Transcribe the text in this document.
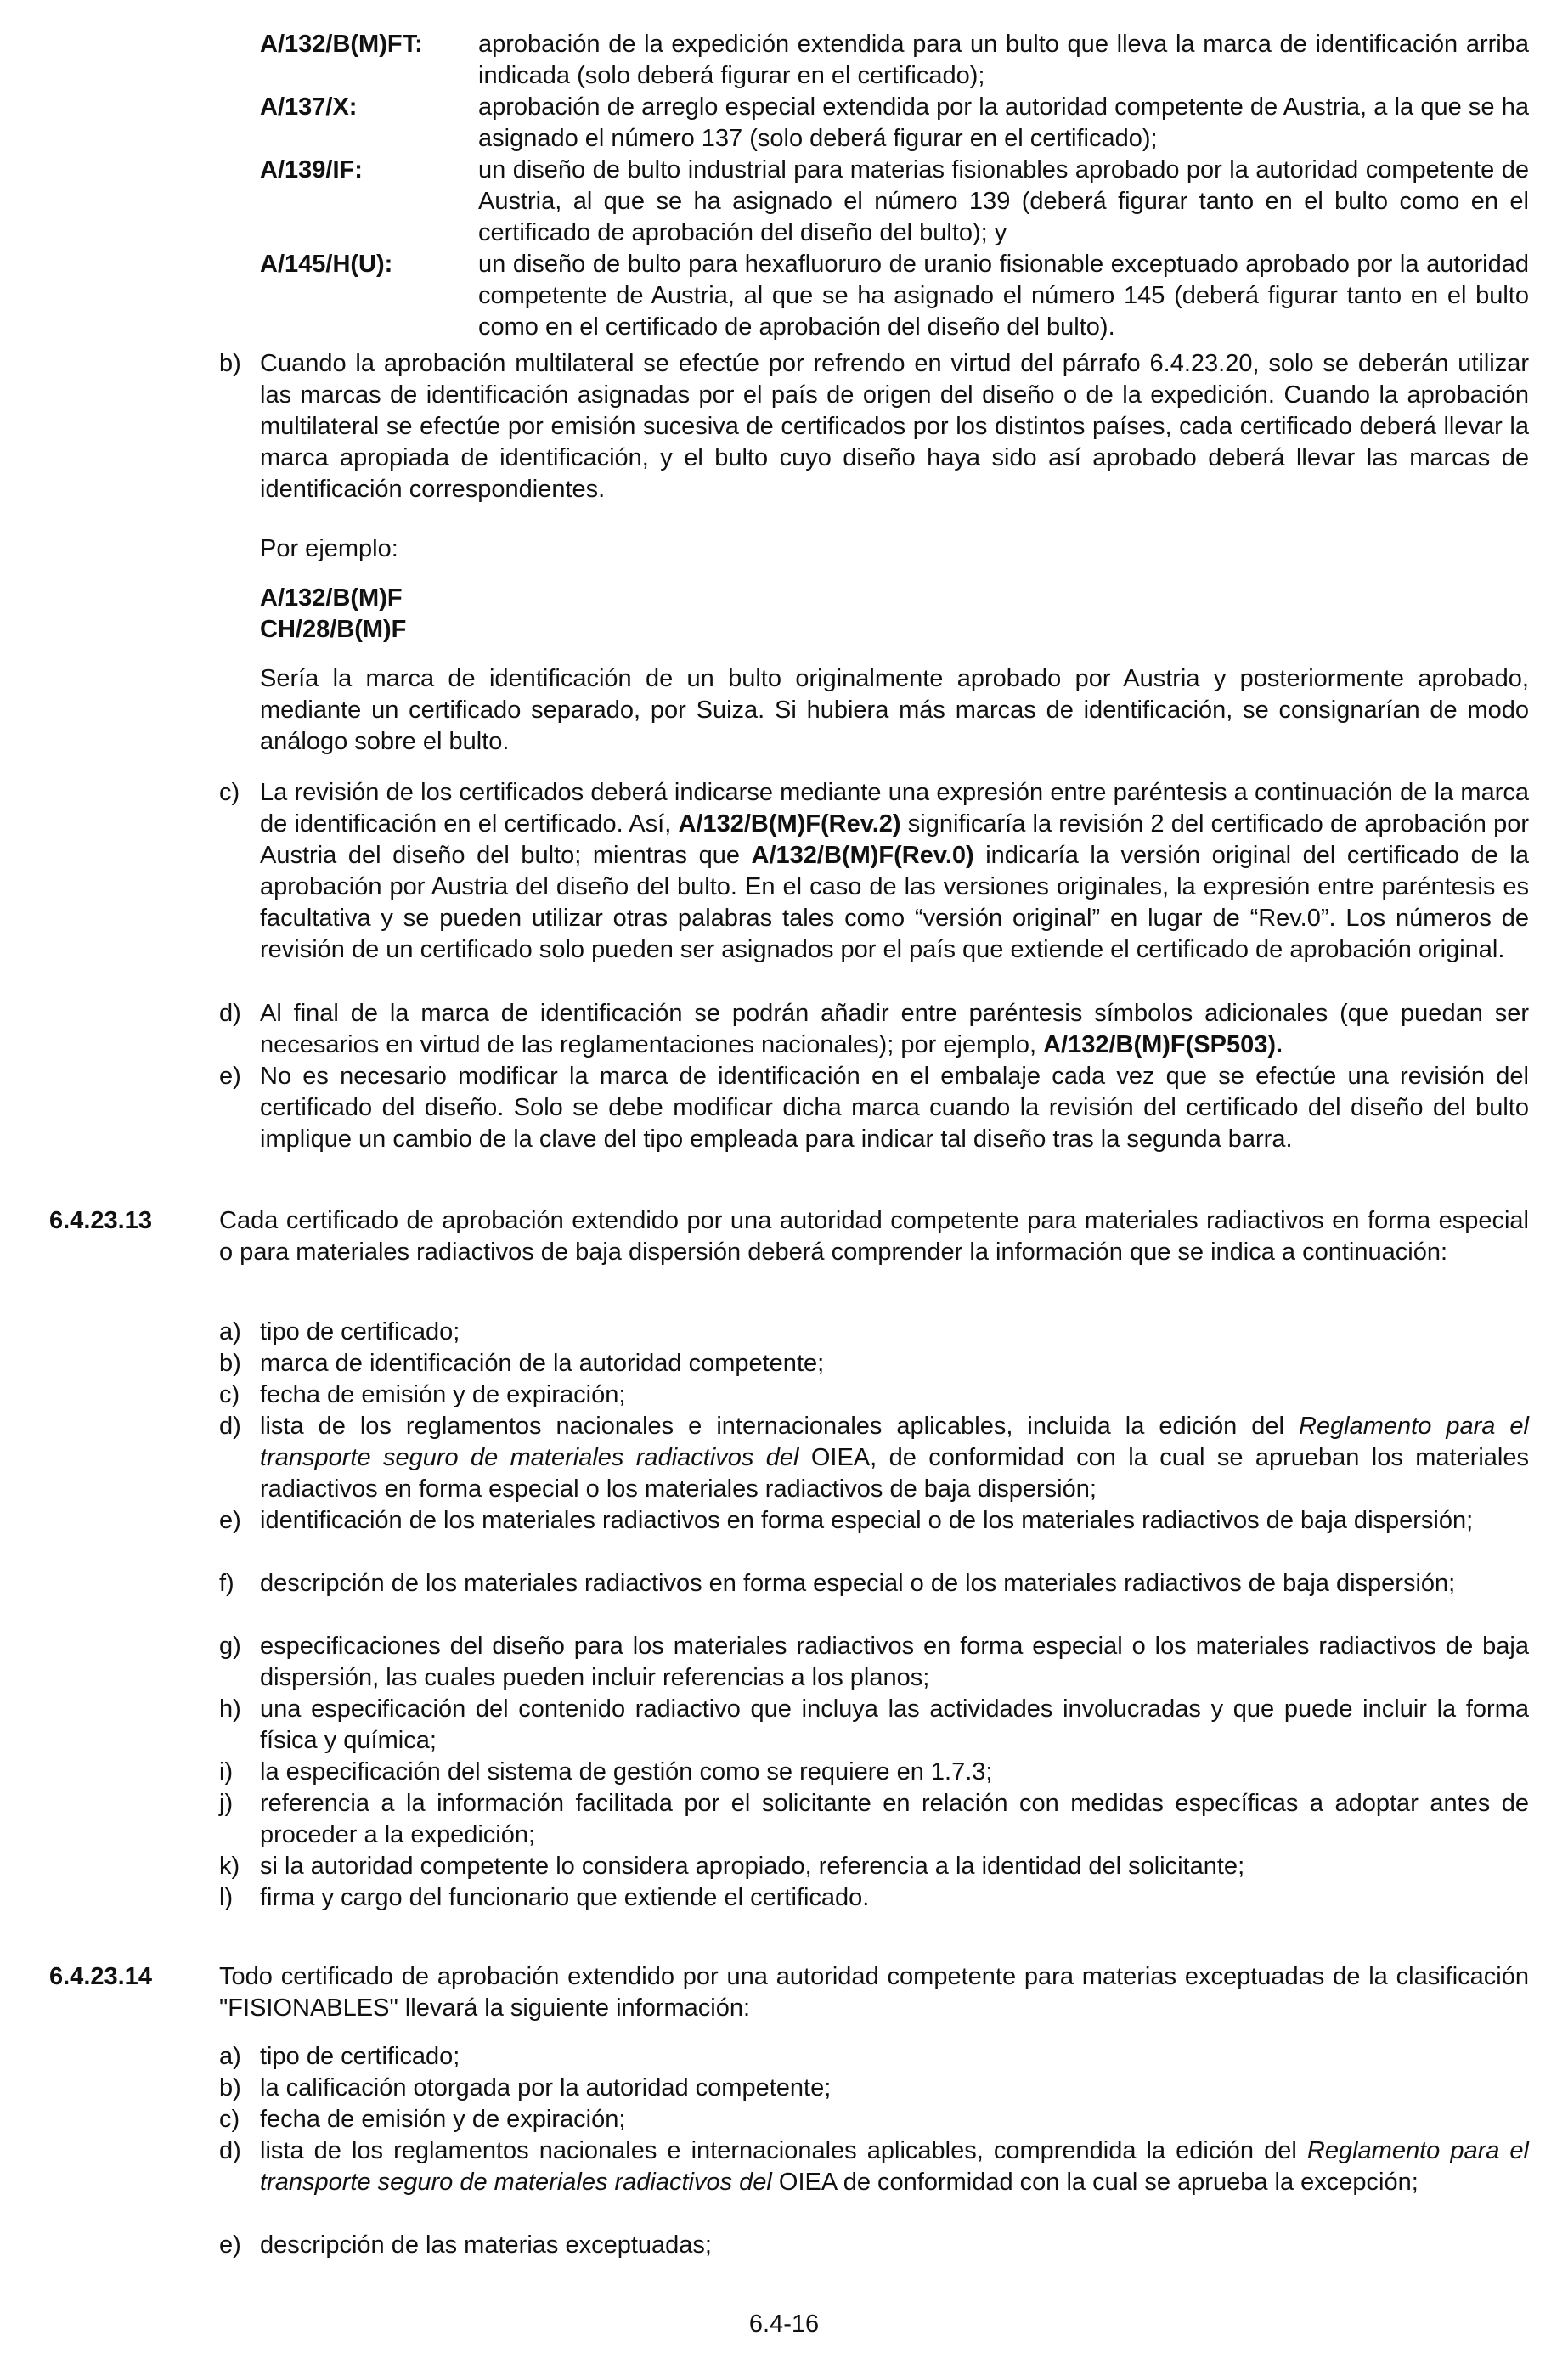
A/132/B(M)FT:	aprobación de la expedición extendida para un bulto que lleva la marca de identificación arriba indicada (solo deberá figurar en el certificado);
A/137/X:	aprobación de arreglo especial extendida por la autoridad competente de Austria, a la que se ha asignado el número 137 (solo deberá figurar en el certificado);
A/139/IF:	un diseño de bulto industrial para materias fisionables aprobado por la autoridad competente de Austria, al que se ha asignado el número 139 (deberá figurar tanto en el bulto como en el certificado de aprobación del diseño del bulto); y
A/145/H(U):	un diseño de bulto para hexafluoruro de uranio fisionable exceptuado aprobado por la autoridad competente de Austria, al que se ha asignado el número 145 (deberá figurar tanto en el bulto como en el certificado de aprobación del diseño del bulto).
b) Cuando la aprobación multilateral se efectúe por refrendo en virtud del párrafo 6.4.23.20, solo se deberán utilizar las marcas de identificación asignadas por el país de origen del diseño o de la expedición. Cuando la aprobación multilateral se efectúe por emisión sucesiva de certificados por los distintos países, cada certificado deberá llevar la marca apropiada de identificación, y el bulto cuyo diseño haya sido así aprobado deberá llevar las marcas de identificación correspondientes.
Por ejemplo:
A/132/B(M)F
CH/28/B(M)F
Sería la marca de identificación de un bulto originalmente aprobado por Austria y posteriormente aprobado, mediante un certificado separado, por Suiza. Si hubiera más marcas de identificación, se consignarían de modo análogo sobre el bulto.
c) La revisión de los certificados deberá indicarse mediante una expresión entre paréntesis a continuación de la marca de identificación en el certificado. Así, A/132/B(M)F(Rev.2) significaría la revisión 2 del certificado de aprobación por Austria del diseño del bulto; mientras que A/132/B(M)F(Rev.0) indicaría la versión original del certificado de la aprobación por Austria del diseño del bulto. En el caso de las versiones originales, la expresión entre paréntesis es facultativa y se pueden utilizar otras palabras tales como “versión original” en lugar de “Rev.0”. Los números de revisión de un certificado solo pueden ser asignados por el país que extiende el certificado de aprobación original.
d) Al final de la marca de identificación se podrán añadir entre paréntesis símbolos adicionales (que puedan ser necesarios en virtud de las reglamentaciones nacionales); por ejemplo, A/132/B(M)F(SP503).
e) No es necesario modificar la marca de identificación en el embalaje cada vez que se efectúe una revisión del certificado del diseño. Solo se debe modificar dicha marca cuando la revisión del certificado del diseño del bulto implique un cambio de la clave del tipo empleada para indicar tal diseño tras la segunda barra.
6.4.23.13	Cada certificado de aprobación extendido por una autoridad competente para materiales radiactivos en forma especial o para materiales radiactivos de baja dispersión deberá comprender la información que se indica a continuación:
a) tipo de certificado;
b) marca de identificación de la autoridad competente;
c) fecha de emisión y de expiración;
d) lista de los reglamentos nacionales e internacionales aplicables, incluida la edición del Reglamento para el transporte seguro de materiales radiactivos del OIEA, de conformidad con la cual se aprueban los materiales radiactivos en forma especial o los materiales radiactivos de baja dispersión;
e) identificación de los materiales radiactivos en forma especial o de los materiales radiactivos de baja dispersión;
f)	descripción de los materiales radiactivos en forma especial o de los materiales radiactivos de baja dispersión;
g) especificaciones del diseño para los materiales radiactivos en forma especial o los materiales radiactivos de baja dispersión, las cuales pueden incluir referencias a los planos;
h) una especificación del contenido radiactivo que incluya las actividades involucradas y que puede incluir la forma física y química;
i)	la especificación del sistema de gestión como se requiere en 1.7.3;
j)	referencia a la información facilitada por el solicitante en relación con medidas específicas a adoptar antes de proceder a la expedición;
k) si la autoridad competente lo considera apropiado, referencia a la identidad del solicitante;
l)	firma y cargo del funcionario que extiende el certificado.
6.4.23.14	Todo certificado de aprobación extendido por una autoridad competente para materias exceptuadas de la clasificación "FISIONABLES" llevará la siguiente información:
a) tipo de certificado;
b) la calificación otorgada por la autoridad competente;
c) fecha de emisión y de expiración;
d) lista de los reglamentos nacionales e internacionales aplicables, comprendida la edición del Reglamento para el transporte seguro de materiales radiactivos del OIEA de conformidad con la cual se aprueba la excepción;
e) descripción de las materias exceptuadas;
6.4-16
